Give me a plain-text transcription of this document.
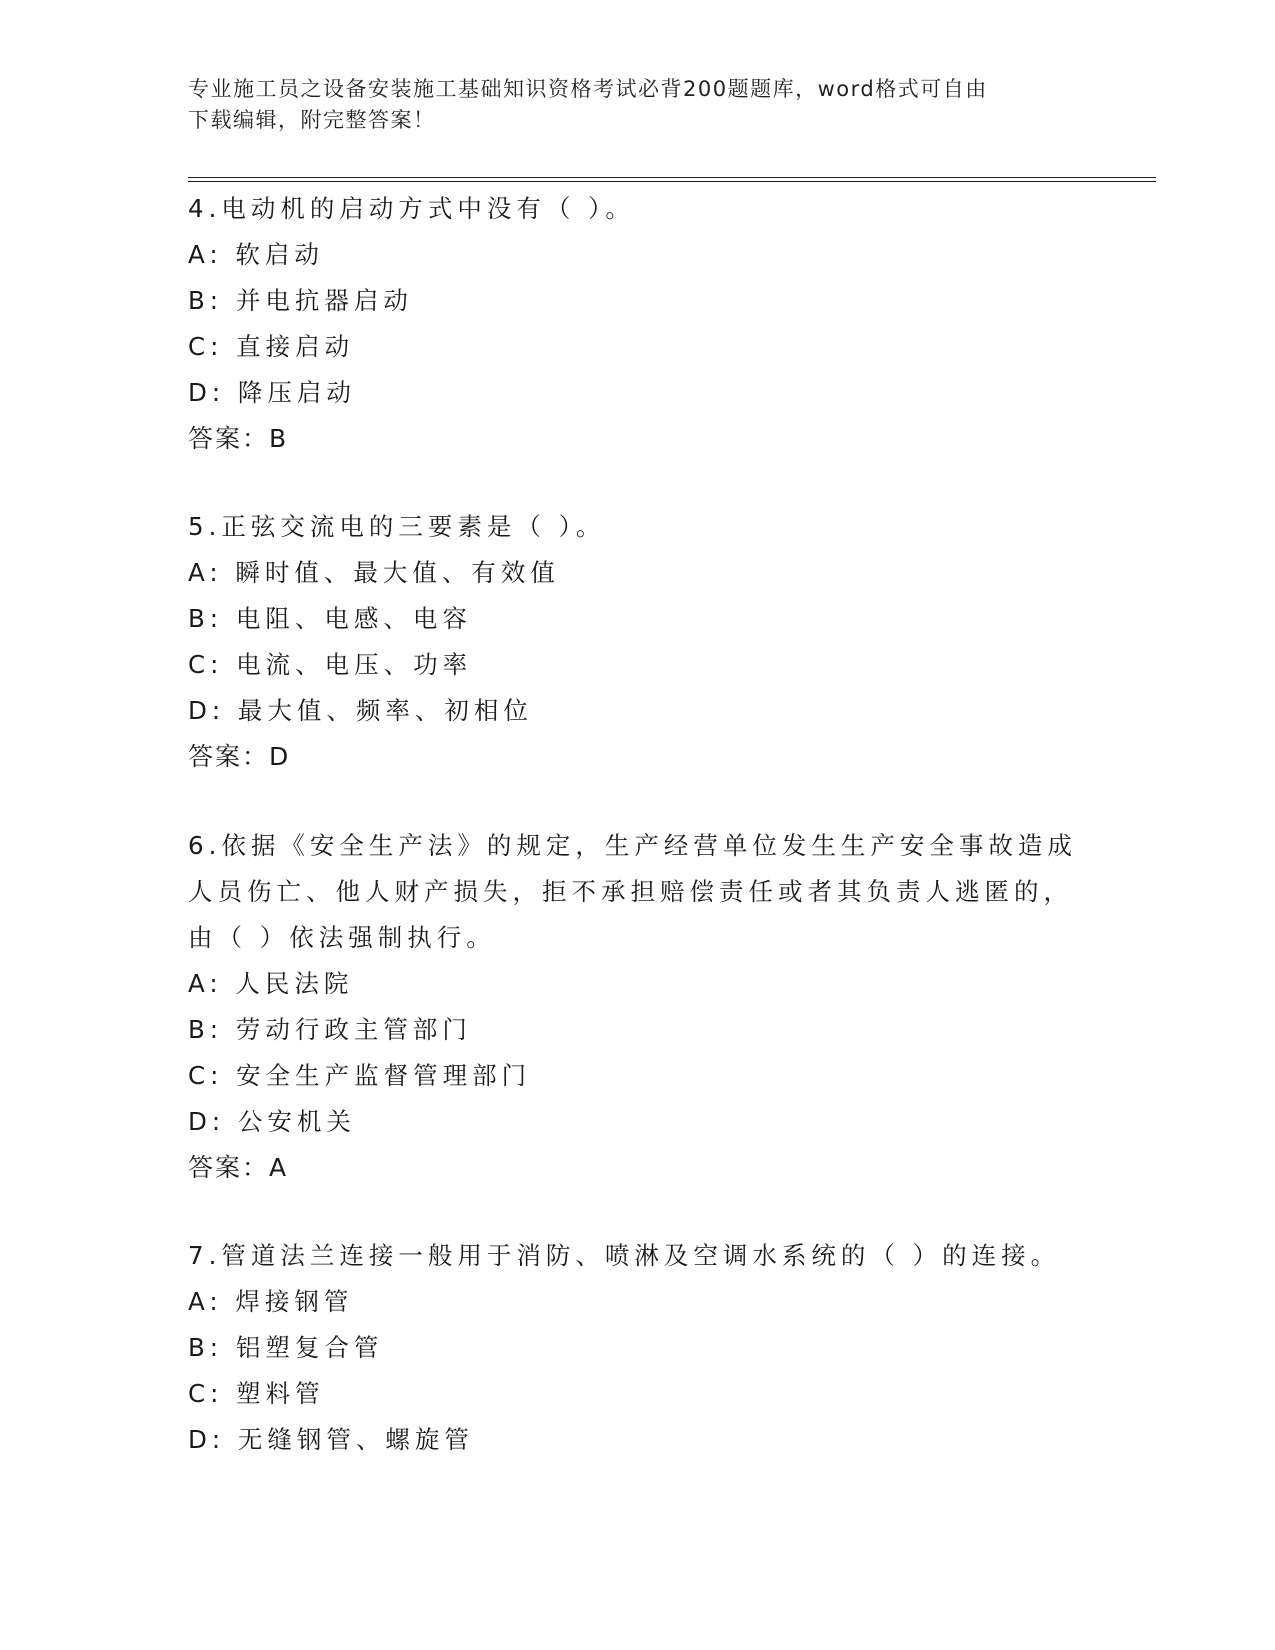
专业施工员之设备安装施工基础知识资格考试必背200题题库，word格式可自由
下载编辑，附完整答案！
4.电动机的启动方式中没有（ ）。
A: 软启动
B: 并电抗器启动
C: 直接启动
D: 降压启动
答案：B
5.正弦交流电的三要素是（ ）。
A: 瞬时值、最大值、有效值
B: 电阻、电感、电容
C: 电流、电压、功率
D: 最大值、频率、初相位
答案：D
6.依据《安全生产法》的规定，生产经营单位发生生产安全事故造成
人员伤亡、他人财产损失，拒不承担赔偿责任或者其负责人逃匿的，
由（ ）依法强制执行。
A: 人民法院
B: 劳动行政主管部门
C: 安全生产监督管理部门
D: 公安机关
答案：A
7.管道法兰连接一般用于消防、喷淋及空调水系统的（ ）的连接。
A: 焊接钢管
B: 铝塑复合管
C: 塑料管
D: 无缝钢管、螺旋管
